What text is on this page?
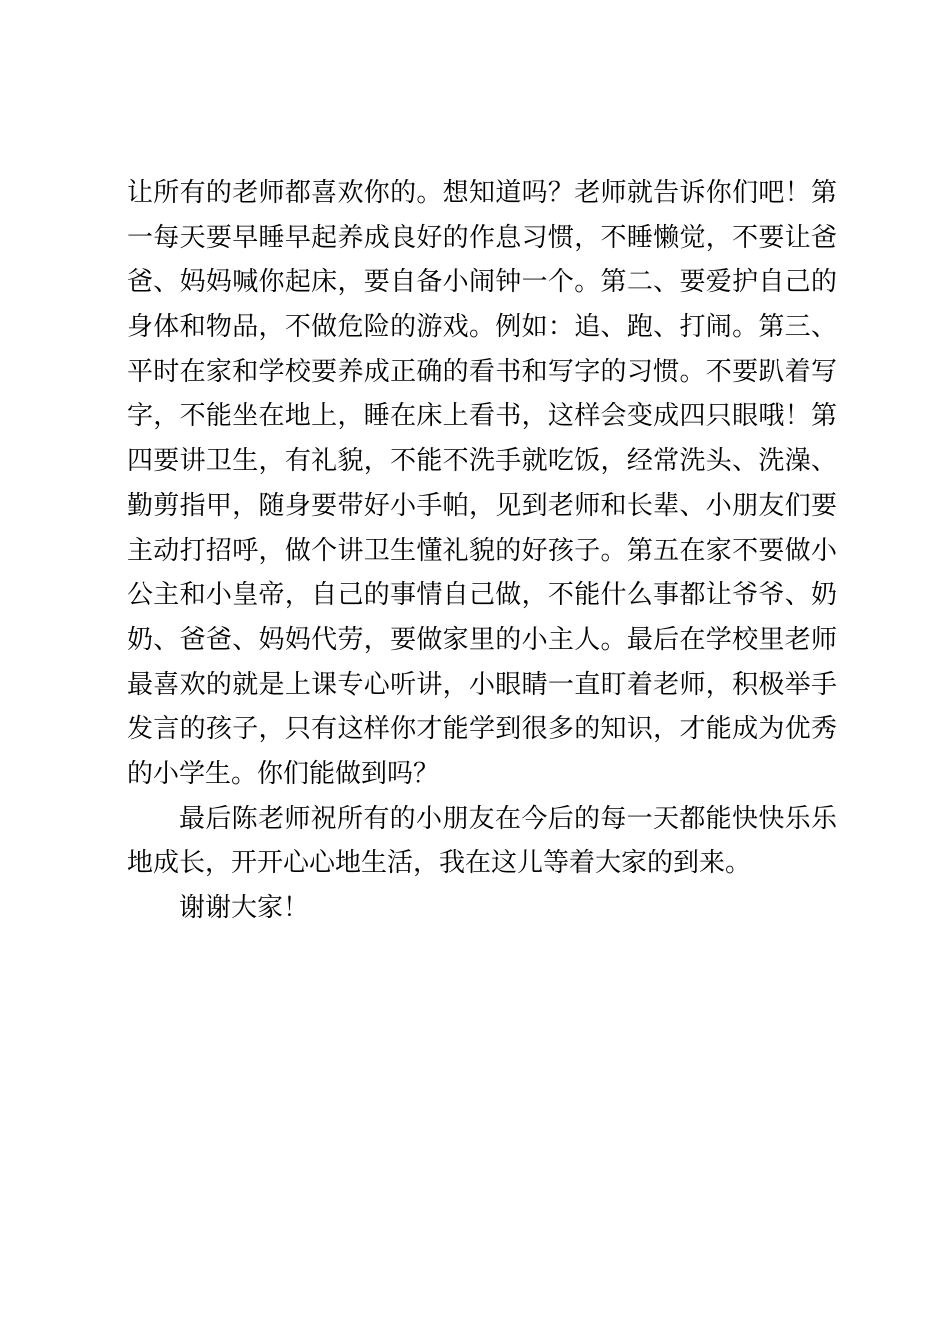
让所有的老师都喜欢你的。想知道吗？老师就告诉你们吧！第
一每天要早睡早起养成良好的作息习惯，不睡懒觉，不要让爸
爸、妈妈喊你起床，要自备小闹钟一个。第二、要爱护自己的
身体和物品，不做危险的游戏。例如：追、跑、打闹。第三、
平时在家和学校要养成正确的看书和写字的习惯。不要趴着写
字，不能坐在地上，睡在床上看书，这样会变成四只眼哦！第
四要讲卫生，有礼貌，不能不洗手就吃饭，经常洗头、洗澡、
勤剪指甲，随身要带好小手帕，见到老师和长辈、小朋友们要
主动打招呼，做个讲卫生懂礼貌的好孩子。第五在家不要做小
公主和小皇帝，自己的事情自己做，不能什么事都让爷爷、奶
奶、爸爸、妈妈代劳，要做家里的小主人。最后在学校里老师
最喜欢的就是上课专心听讲，小眼睛一直盯着老师，积极举手
发言的孩子，只有这样你才能学到很多的知识，才能成为优秀
的小学生。你们能做到吗？
最后陈老师祝所有的小朋友在今后的每一天都能快快乐乐
地成长，开开心心地生活，我在这儿等着大家的到来。
谢谢大家！
